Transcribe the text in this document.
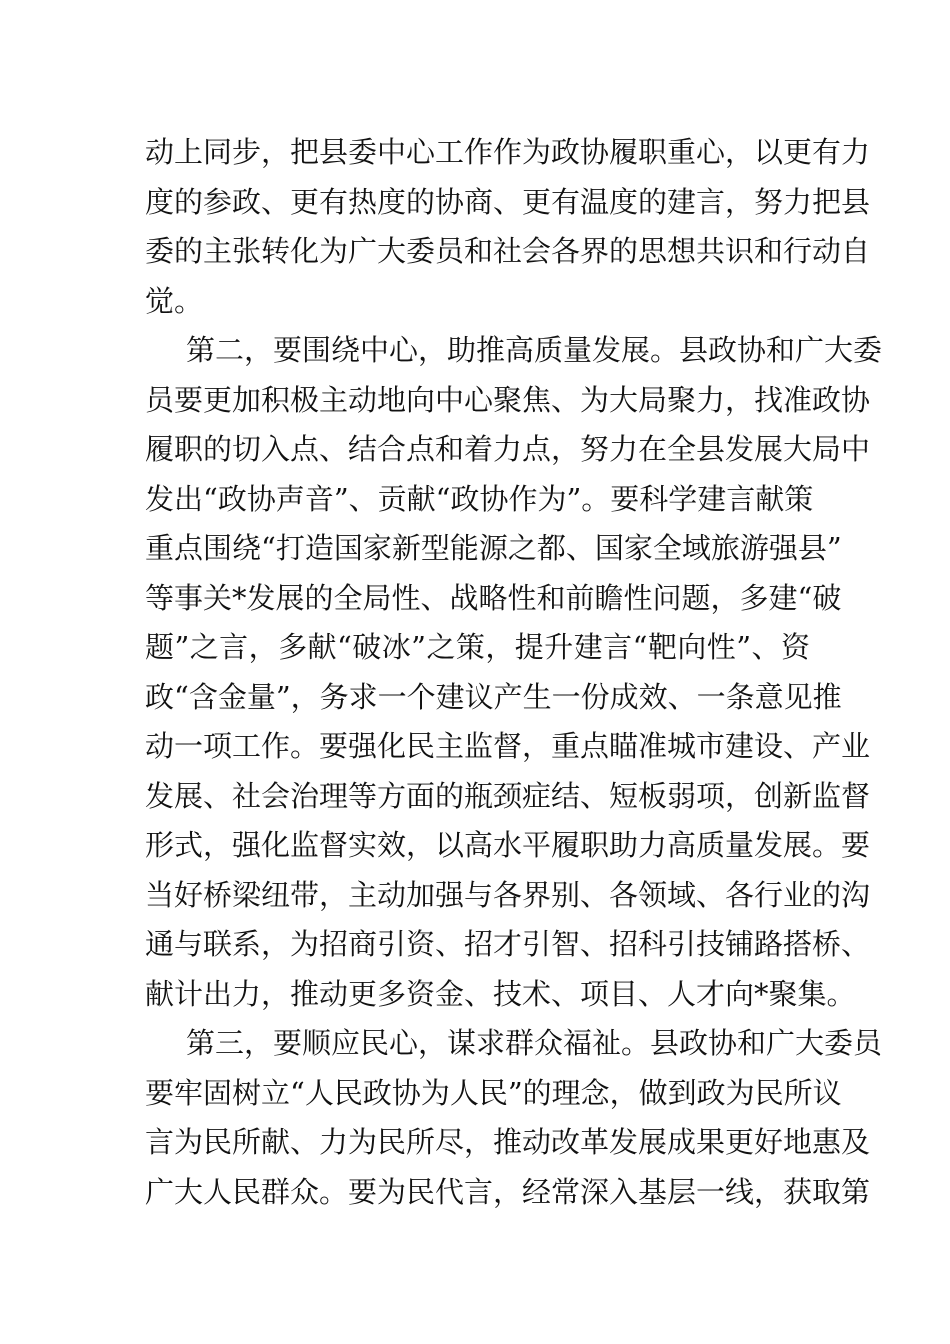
动上同步，把县委中心工作作为政协履职重心，以更有力
度的参政、更有热度的协商、更有温度的建言，努力把县
委的主张转化为广大委员和社会各界的思想共识和行动自
觉。
第二，要围绕中心，助推高质量发展。县政协和广大委
员要更加积极主动地向中心聚焦、为大局聚力，找准政协
履职的切入点、结合点和着力点，努力在全县发展大局中
发出“政协声音”、贡献“政协作为”。要科学建言献策
重点围绕“打造国家新型能源之都、国家全域旅游强县”
等事关*发展的全局性、战略性和前瞻性问题，多建“破
题”之言，多献“破冰”之策，提升建言“靶向性”、资
政“含金量”，务求一个建议产生一份成效、一条意见推
动一项工作。要强化民主监督，重点瞄准城市建设、产业
发展、社会治理等方面的瓶颈症结、短板弱项，创新监督
形式，强化监督实效，以高水平履职助力高质量发展。要
当好桥梁纽带，主动加强与各界别、各领域、各行业的沟
通与联系，为招商引资、招才引智、招科引技铺路搭桥、
献计出力，推动更多资金、技术、项目、人才向*聚集。
第三，要顺应民心，谋求群众福祉。县政协和广大委员
要牢固树立“人民政协为人民”的理念，做到政为民所议
言为民所献、力为民所尽，推动改革发展成果更好地惠及
广大人民群众。要为民代言，经常深入基层一线，获取第
